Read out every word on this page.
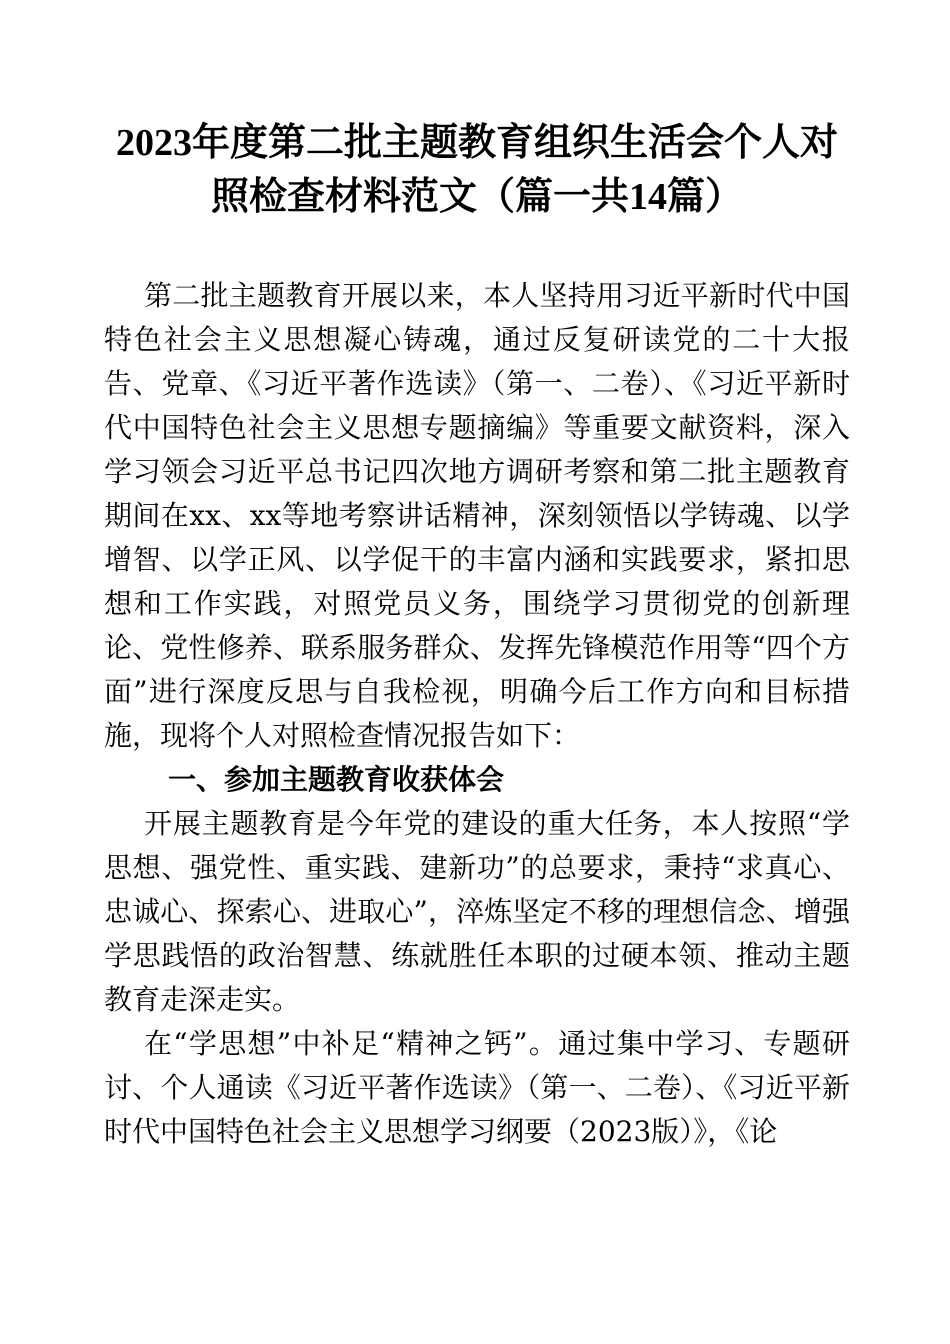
2023年度第二批主题教育组织生活会个人对照检查材料范文（篇一共14篇）

第二批主题教育开展以来，本人坚持用习近平新时代中国特色社会主义思想凝心铸魂，通过反复研读党的二十大报告、党章、《习近平著作选读》（第一、二卷）、《习近平新时代中国特色社会主义思想专题摘编》等重要文献资料，深入学习领会习近平总书记四次地方调研考察和第二批主题教育期间在xx、xx等地考察讲话精神，深刻领悟以学铸魂、以学增智、以学正风、以学促干的丰富内涵和实践要求，紧扣思想和工作实践，对照党员义务，围绕学习贯彻党的创新理论、党性修养、联系服务群众、发挥先锋模范作用等“四个方面”进行深度反思与自我检视，明确今后工作方向和目标措施，现将个人对照检查情况报告如下：

一、参加主题教育收获体会

开展主题教育是今年党的建设的重大任务，本人按照“学思想、强党性、重实践、建新功”的总要求，秉持“求真心、忠诚心、探索心、进取心”，淬炼坚定不移的理想信念、增强学思践悟的政治智慧、练就胜任本职的过硬本领、推动主题教育走深走实。

在“学思想”中补足“精神之钙”。通过集中学习、专题研讨、个人通读《习近平著作选读》（第一、二卷）、《习近平新时代中国特色社会主义思想学习纲要（2023版）》，《论
